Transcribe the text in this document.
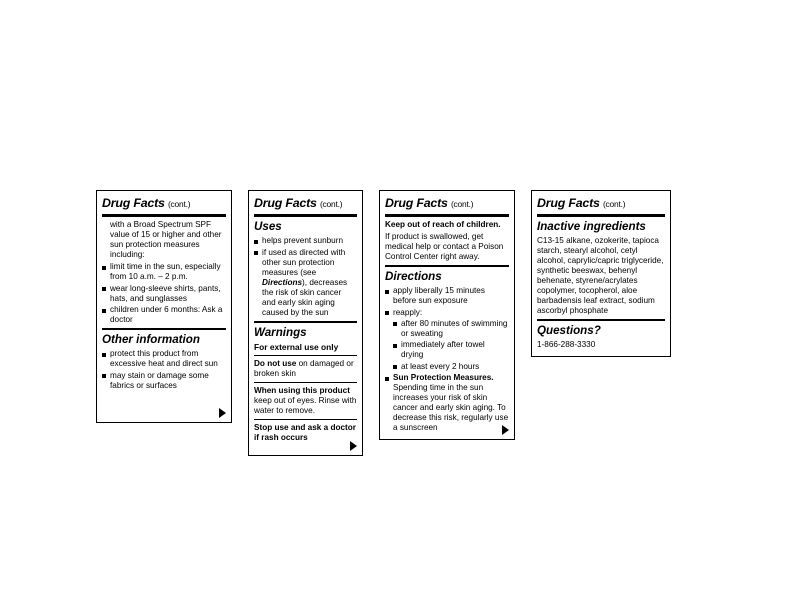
Drug Facts (cont.)

with a Broad Spectrum SPF value of 15 or higher and other sun protection measures including:

limit time in the sun, especially from 10 a.m. – 2 p.m.
wear long-sleeve shirts, pants, hats, and sunglasses
children under 6 months: Ask a doctor
Other information
protect this product from excessive heat and direct sun
may stain or damage some fabrics or surfaces
Drug Facts (cont.)
Uses
helps prevent sunburn
if used as directed with other sun protection measures (see Directions), decreases the risk of skin cancer and early skin aging caused by the sun
Warnings
For external use only

Do not use on damaged or broken skin

When using this product keep out of eyes. Rinse with water to remove.

Stop use and ask a doctor if rash occurs

Drug Facts (cont.)

Keep out of reach of children.

If product is swallowed, get medical help or contact a Poison Control Center right away.

Directions
apply liberally 15 minutes before sun exposure
reapply:
after 80 minutes of swimming or sweating
immediately after towel drying
at least every 2 hours
Sun Protection Measures. Spending time in the sun increases your risk of skin cancer and early skin aging. To decrease this risk, regularly use a sunscreen
Drug Facts (cont.)
Inactive ingredients

C13-15 alkane, ozokerite, tapioca starch, stearyl alcohol, cetyl alcohol, caprylic/capric triglyceride, synthetic beeswax, behenyl behenate, styrene/acrylates copolymer, tocopherol, aloe barbadensis leaf extract, sodium ascorbyl phosphate

Questions?

1-866-288-3330
